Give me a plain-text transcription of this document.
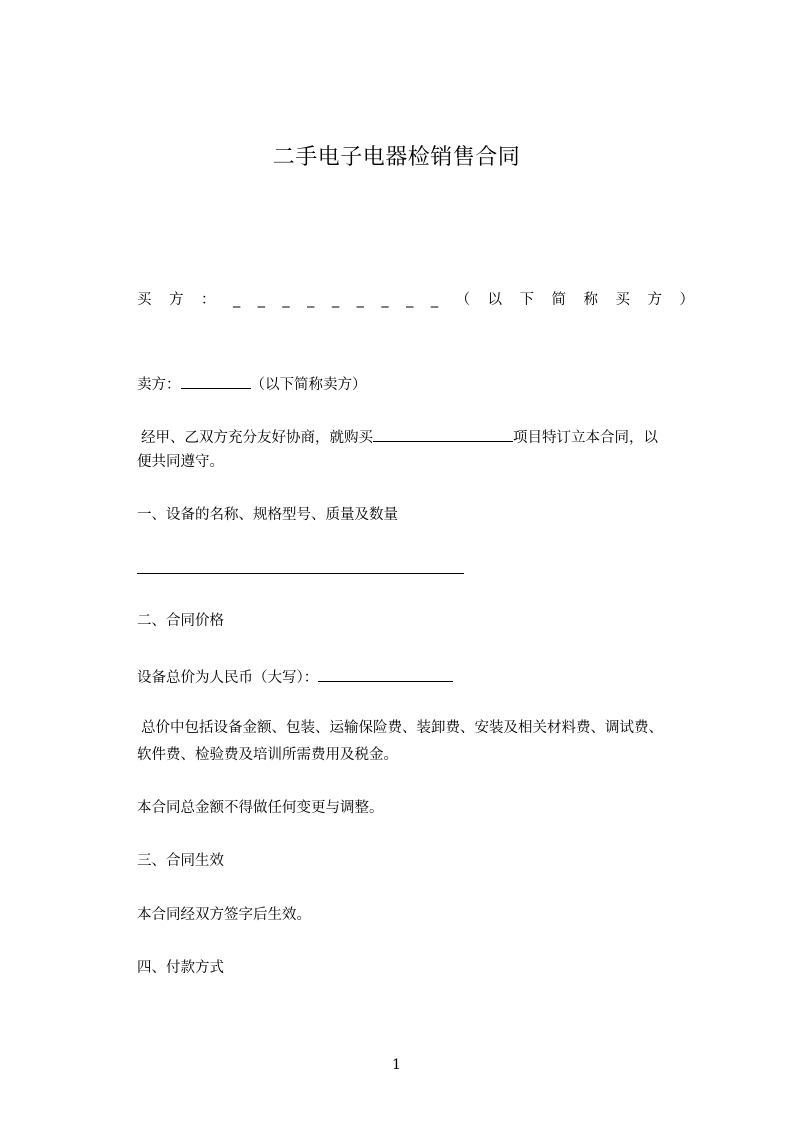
二手电子电器检销售合同
买 方 ： _ _ _ _ _ _ _ _ _ （ 以 下 简 称 买 方 ）
卖方：	（以下简称卖方）
经甲、乙双方充分友好协商，就购买	项目特订立本合同，以
便共同遵守。
一、设备的名称、规格型号、质量及数量
二、合同价格
设备总价为人民币（大写）：
总价中包括设备金额、包装、运输保险费、装卸费、安装及相关材料费、调试费、
软件费、检验费及培训所需费用及税金。
本合同总金额不得做任何变更与调整。
三、合同生效
本合同经双方签字后生效。
四、付款方式
1
